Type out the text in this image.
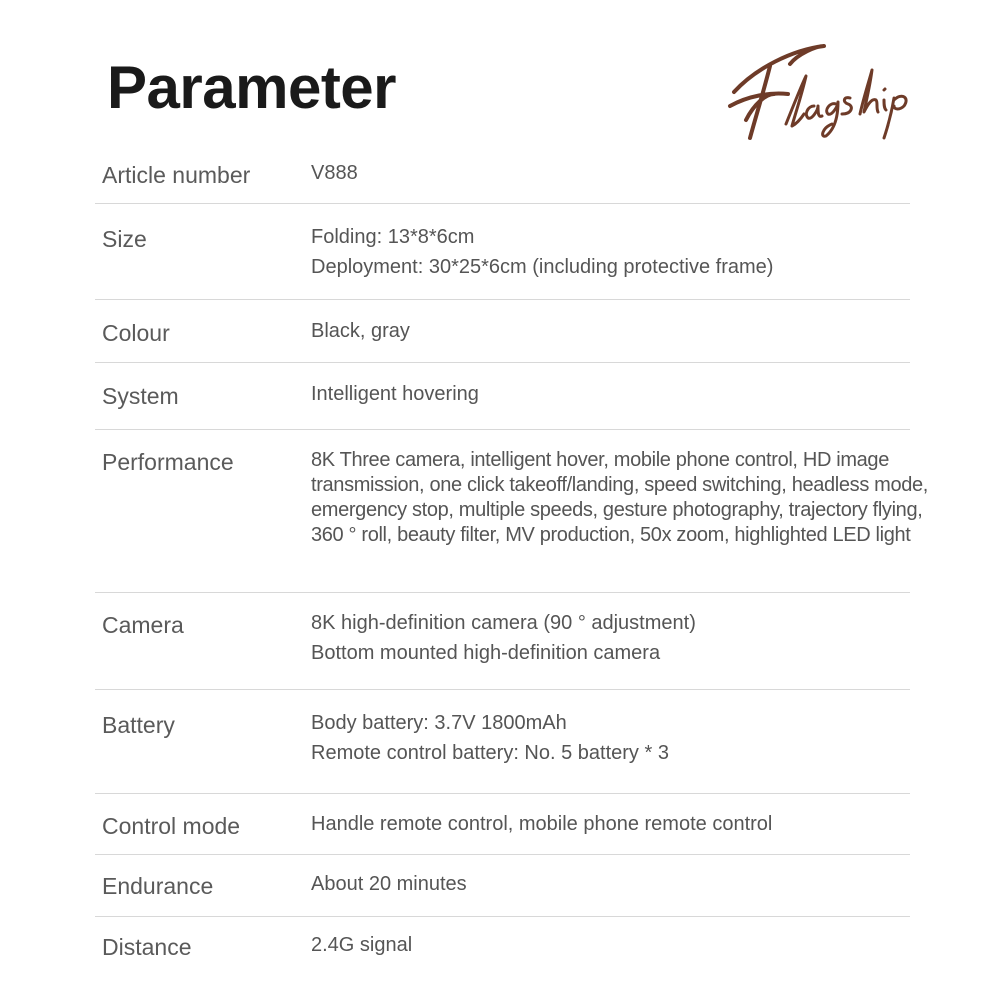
Parameter
Article number	V888
Size	Folding: 13*8*6cm
Deployment: 30*25*6cm (including protective frame)
Colour	Black, gray
System	Intelligent hovering
Performance	8K Three camera, intelligent hover, mobile phone control, HD image transmission, one click takeoff/landing, speed switching, headless mode, emergency stop, multiple speeds, gesture photography, trajectory flying, 360 ° roll, beauty filter, MV production, 50x zoom, highlighted LED light
Camera	8K high-definition camera (90 ° adjustment)
Bottom mounted high-definition camera
Battery	Body battery: 3.7V 1800mAh
Remote control battery: No. 5 battery * 3
Control mode	Handle remote control, mobile phone remote control
Endurance	About 20 minutes
Distance	2.4G signal
